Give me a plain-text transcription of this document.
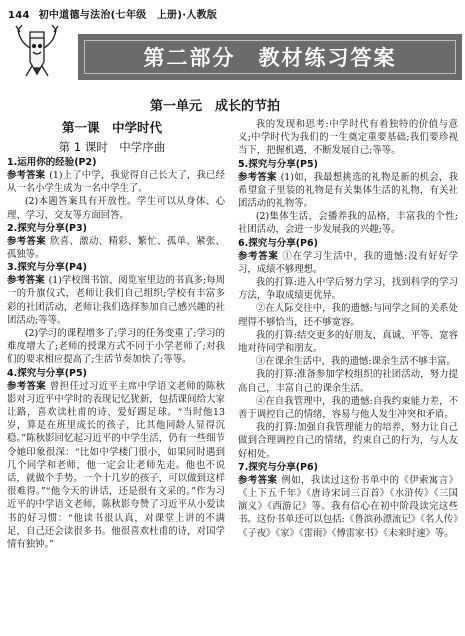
144 初中道德与法治(七年级　上册)·人教版
第二部分　教材练习答案
第一单元　成长的节拍
第一课　中学时代
第 1 课时　中学序曲
1.运用你的经验(P2)

参考答案 (1)上了中学，我觉得自己长大了，我已经从一名小学生成为一名中学生了。

(2)本题答案具有开放性。学生可以从身体、心理、学习、交友等方面回答。

2.探究与分享(P3)

参考答案 欣喜、激动、精彩、繁忙、孤单、紧张、孤独等。

3.探究与分享(P4)

参考答案 (1)学校图书馆、阅览室里边的书真多;每周一的升旗仪式，老师让我们自己组织;学校有丰富多彩的社团活动，老师让我们选择参加自己感兴趣的社团活动;等等。

(2)学习的课程增多了;学习的任务变重了;学习的难度增大了;老师的授课方式不同于小学老师了;对我们的要求相应提高了;生活节奏加快了;等等。

4.探究与分享(P5)

参考答案 曾担任过习近平主席中学语文老师的陈秋影对习近平中学时的表现记忆犹新，包括课间给大家让路，喜欢读杜甫的诗、爱好踢足球。“当时他13岁，算是在班里成长的孩子，比其他同龄人显得沉稳。”陈秋影回忆起习近平的中学生活，仍有一些细节令她印象很深：“比如中学楼门很小，如果同时遇到几个同学和老师，他一定会让老师先走。他也不说话，就做个手势。一个十几岁的孩子，可以做到这样很难得。”“他今天的讲话，还是很有文采的。”作为习近平的中学语文老师，陈秋影夸赞了习近平从小爱读书的好习惯：“他读书很认真，对课堂上讲的不满足，自己还会读很多书。他很喜欢杜甫的诗，对国学情有独钟。”

我的发现和思考:中学时代有着独特的价值与意义;中学时代为我们的一生奠定重要基础;我们要珍视当下，把握机遇，不断发展自己;等等。

5.探究与分享(P5)

参考答案 (1)如，我最想挑选的礼物是新的机会，我希望盒子里装的礼物是有关集体生活的礼物，有关社团活动的礼物等。

(2)集体生活，会播养我的品格，丰富我的个性;社团活动，会进一步发展我的兴趣;等。

6.探究与分享(P6)

参考答案 ①在学习生活中，我的遗憾:没有好好学习，成绩不够理想。

我的打算:进入中学后努力学习，找到科学的学习方法，争取成绩更优异。

②在人际交往中，我的遗憾:与同学之间的关系处理得不够恰当，还不够宽容。

我的打算:结交更多的好朋友，真诚、平等、宽容地对待同学和朋友。

③在课余生活中，我的遗憾:课余生活不够丰富。

我的打算:准备参加学校组织的社团活动，努力提高自己，丰富自己的课余生活。

④在自我管理中，我的遗憾:自我约束能力差，不善于调控自己的情绪，容易与他人发生冲突和矛盾。

我的打算:加强自我管理能力的培养，努力让自己做到合理调控自己的情绪，约束自己的行为，与人友好相处。

7.探究与分享(P6)

参考答案 例如，我读过这份书单中的《伊索寓言》《上下五千年》《唐诗宋词三百首》《水浒传》《三国演义》《西游记》等。我有信心在初中阶段读完这些书。这份书单还可以包括:《鲁滨孙漂流记》《名人传》《子夜》《家》《雷雨》《傅雷家书》《未来时速》等。
